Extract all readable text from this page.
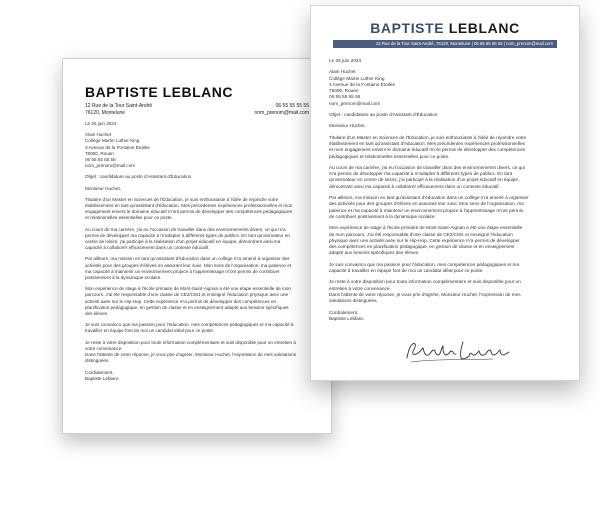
BAPTISTE LEBLANC
12 Rue de la Tour Saint-André
76120, Montelune
06 55 55 55 55
nom_prenom@mail.com

Le 26 juin 2024

Alain Huchet
Collège Martin Luther King
3 Avenue de la Fontaine Étoilée
76000, Rouen
06 55 55 55 55
nom_prenom@mail.com

Objet : candidature au poste d'Assistant d'Éducation

Monsieur Huchet,

Titulaire d'un Master en Sciences de l'Éducation, je suis enthousiaste à l'idée de rejoindre votre
établissement en tant qu'assistant d'éducation. Mes précédentes expériences professionnelles et mon
engagement envers le domaine éducatif m'ont permis de développer des compétences pédagogiques
et relationnelles essentielles pour ce poste.

Au cours de ma carrière, j'ai eu l'occasion de travailler dans des environnements divers, ce qui m'a
permis de développer ma capacité à m'adapter à différents types de publics. En tant qu'animateur en
centre de loisirs, j'ai participé à la réalisation d'un projet éducatif en équipe, démontrant ainsi ma
capacité à collaborer efficacement dans un contexte éducatif.

Par ailleurs, ma mission en tant qu'assistant d'éducation dans un collège m'a amené à organiser des
activités pour des groupes d'élèves en assurant leur suivi. Mon sens de l'organisation, ma patience et
ma capacité à maintenir un environnement propice à l'apprentissage m'ont permis de contribuer
positivement à la dynamique scolaire.

Mon expérience de stage à l'école primaire de Mont-Saint-Aignan a été une étape essentielle de mon
parcours. J'ai été responsable d'une classe de CE2/CM1 et enseigné l'éducation physique avec une
activité axée sur le Hip-Hop. Cette expérience m'a permis de développer des compétences en
planification pédagogique, en gestion de classe et en enseignement adapté aux besoins spécifiques
des élèves.

Je suis convaincu que ma passion pour l'éducation, mes compétences pédagogiques et ma capacité à
travailler en équipe font de moi un candidat idéal pour ce poste.

Je reste à votre disposition pour toute information complémentaire et suis disponible pour un entretien à
votre convenance.
Dans l'attente de votre réponse, je vous prie d'agréer, Monsieur Huchet, l'expression de mes salutations
distinguées.

Cordialement,
Baptiste Leblanc

BAPTISTE LEBLANC
12 Rue de la Tour Saint-André, 76120, Montelune | 06 55 55 55 55 | nom_prenom@mail.com

Le 26 juin 2024

Alain Huchet
Collège Martin Luther King
3 Avenue de la Fontaine Étoilée
76000, Rouen
06 55 55 55 55
nom_prenom@mail.com

Objet : candidature au poste d'Assistant d'Éducation

Monsieur Huchet,

Titulaire d'un Master en Sciences de l'Éducation, je suis enthousiaste à l'idée de rejoindre votre
établissement en tant qu'assistant d'éducation. Mes précédentes expériences professionnelles
et mon engagement envers le domaine éducatif m'ont permis de développer des compétences
pédagogiques et relationnelles essentielles pour ce poste.

Au cours de ma carrière, j'ai eu l'occasion de travailler dans des environnements divers, ce qui
m'a permis de développer ma capacité à m'adapter à différents types de publics. En tant
qu'animateur en centre de loisirs, j'ai participé à la réalisation d'un projet éducatif en équipe,
démontrant ainsi ma capacité à collaborer efficacement dans un contexte éducatif.

Par ailleurs, ma mission en tant qu'assistant d'éducation dans un collège m'a amené à organiser
des activités pour des groupes d'élèves en assurant leur suivi. Mon sens de l'organisation, ma
patience et ma capacité à maintenir un environnement propice à l'apprentissage m'ont permis
de contribuer positivement à la dynamique scolaire.

Mon expérience de stage à l'école primaire de Mont-Saint-Aignan a été une étape essentielle
de mon parcours. J'ai été responsable d'une classe de CE2/CM1 et enseigné l'éducation
physique avec une activité axée sur le Hip-Hop. Cette expérience m'a permis de développer
des compétences en planification pédagogique, en gestion de classe et en enseignement
adapté aux besoins spécifiques des élèves.

Je suis convaincu que ma passion pour l'éducation, mes compétences pédagogiques et ma
capacité à travailler en équipe font de moi un candidat idéal pour ce poste.

Je reste à votre disposition pour toute information complémentaire et suis disponible pour un
entretien à votre convenance.
Dans l'attente de votre réponse, je vous prie d'agréer, Monsieur Huchet, l'expression de mes
salutations distinguées.

Cordialement,
Baptiste Leblanc
